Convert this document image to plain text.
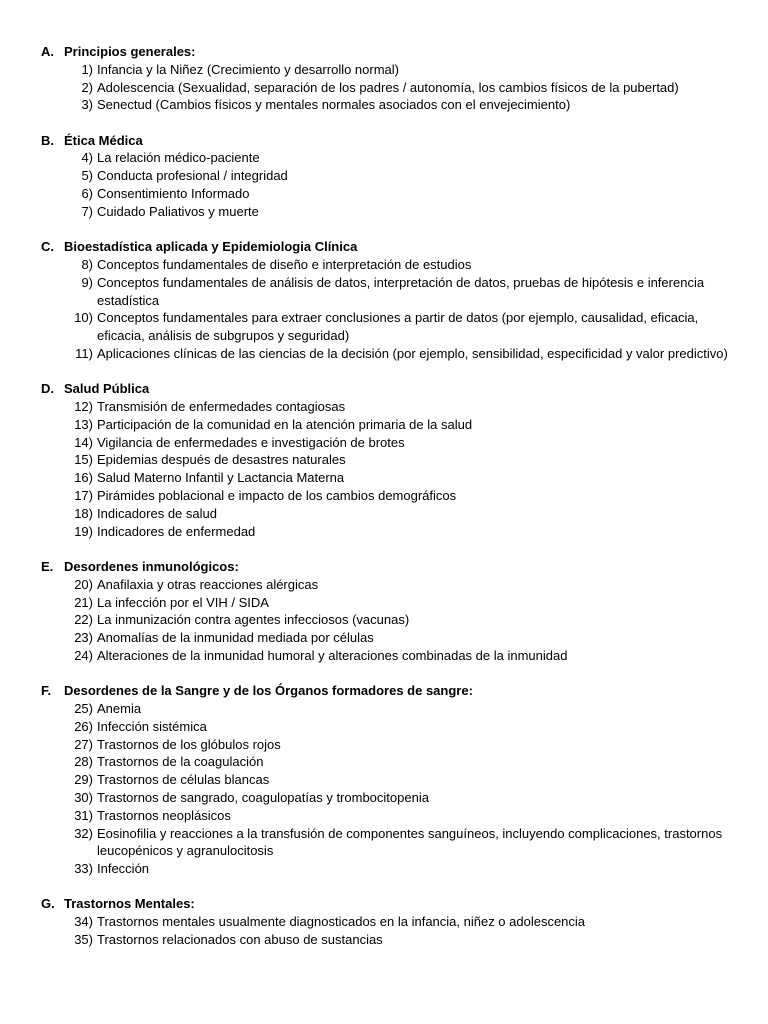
A. Principios generales:
1) Infancia y la Niñez (Crecimiento y desarrollo normal)
2) Adolescencia (Sexualidad, separación de los padres / autonomía, los cambios físicos de la pubertad)
3) Senectud (Cambios físicos y mentales normales asociados con el envejecimiento)
B. Ética Médica
4) La relación médico-paciente
5) Conducta profesional / integridad
6) Consentimiento Informado
7) Cuidado Paliativos y muerte
C. Bioestadística aplicada y Epidemiologia Clínica
8) Conceptos fundamentales de diseño e interpretación de estudios
9) Conceptos fundamentales de análisis de datos, interpretación de datos, pruebas de hipótesis e inferencia estadística
10) Conceptos fundamentales para extraer conclusiones a partir de datos (por ejemplo, causalidad, eficacia, eficacia, análisis de subgrupos y seguridad)
11) Aplicaciones clínicas de las ciencias de la decisión (por ejemplo, sensibilidad, especificidad y valor predictivo)
D. Salud Pública
12) Transmisión de enfermedades contagiosas
13) Participación de la comunidad en la atención primaria de la salud
14) Vigilancia de enfermedades e investigación de brotes
15) Epidemias después de desastres naturales
16) Salud Materno Infantil y Lactancia Materna
17) Pirámides poblacional e impacto de los cambios demográficos
18) Indicadores de salud
19) Indicadores de enfermedad
E. Desordenes inmunológicos:
20) Anafilaxia y otras reacciones alérgicas
21) La infección por el VIH / SIDA
22) La inmunización contra agentes infecciosos (vacunas)
23) Anomalías de la inmunidad mediada por células
24) Alteraciones de la inmunidad humoral y alteraciones combinadas de la inmunidad
F. Desordenes de la Sangre y de los Órganos formadores de sangre:
25) Anemia
26) Infección sistémica
27) Trastornos de los glóbulos rojos
28) Trastornos de la coagulación
29) Trastornos de células blancas
30) Trastornos de sangrado, coagulopatías y trombocitopenia
31) Trastornos neoplásicos
32) Eosinofilia y reacciones a la transfusión de componentes sanguíneos, incluyendo complicaciones, trastornos leucopénicos y agranulocitosis
33) Infección
G. Trastornos Mentales:
34) Trastornos mentales usualmente diagnosticados en la infancia, niñez o adolescencia
35) Trastornos relacionados con abuso de sustancias
